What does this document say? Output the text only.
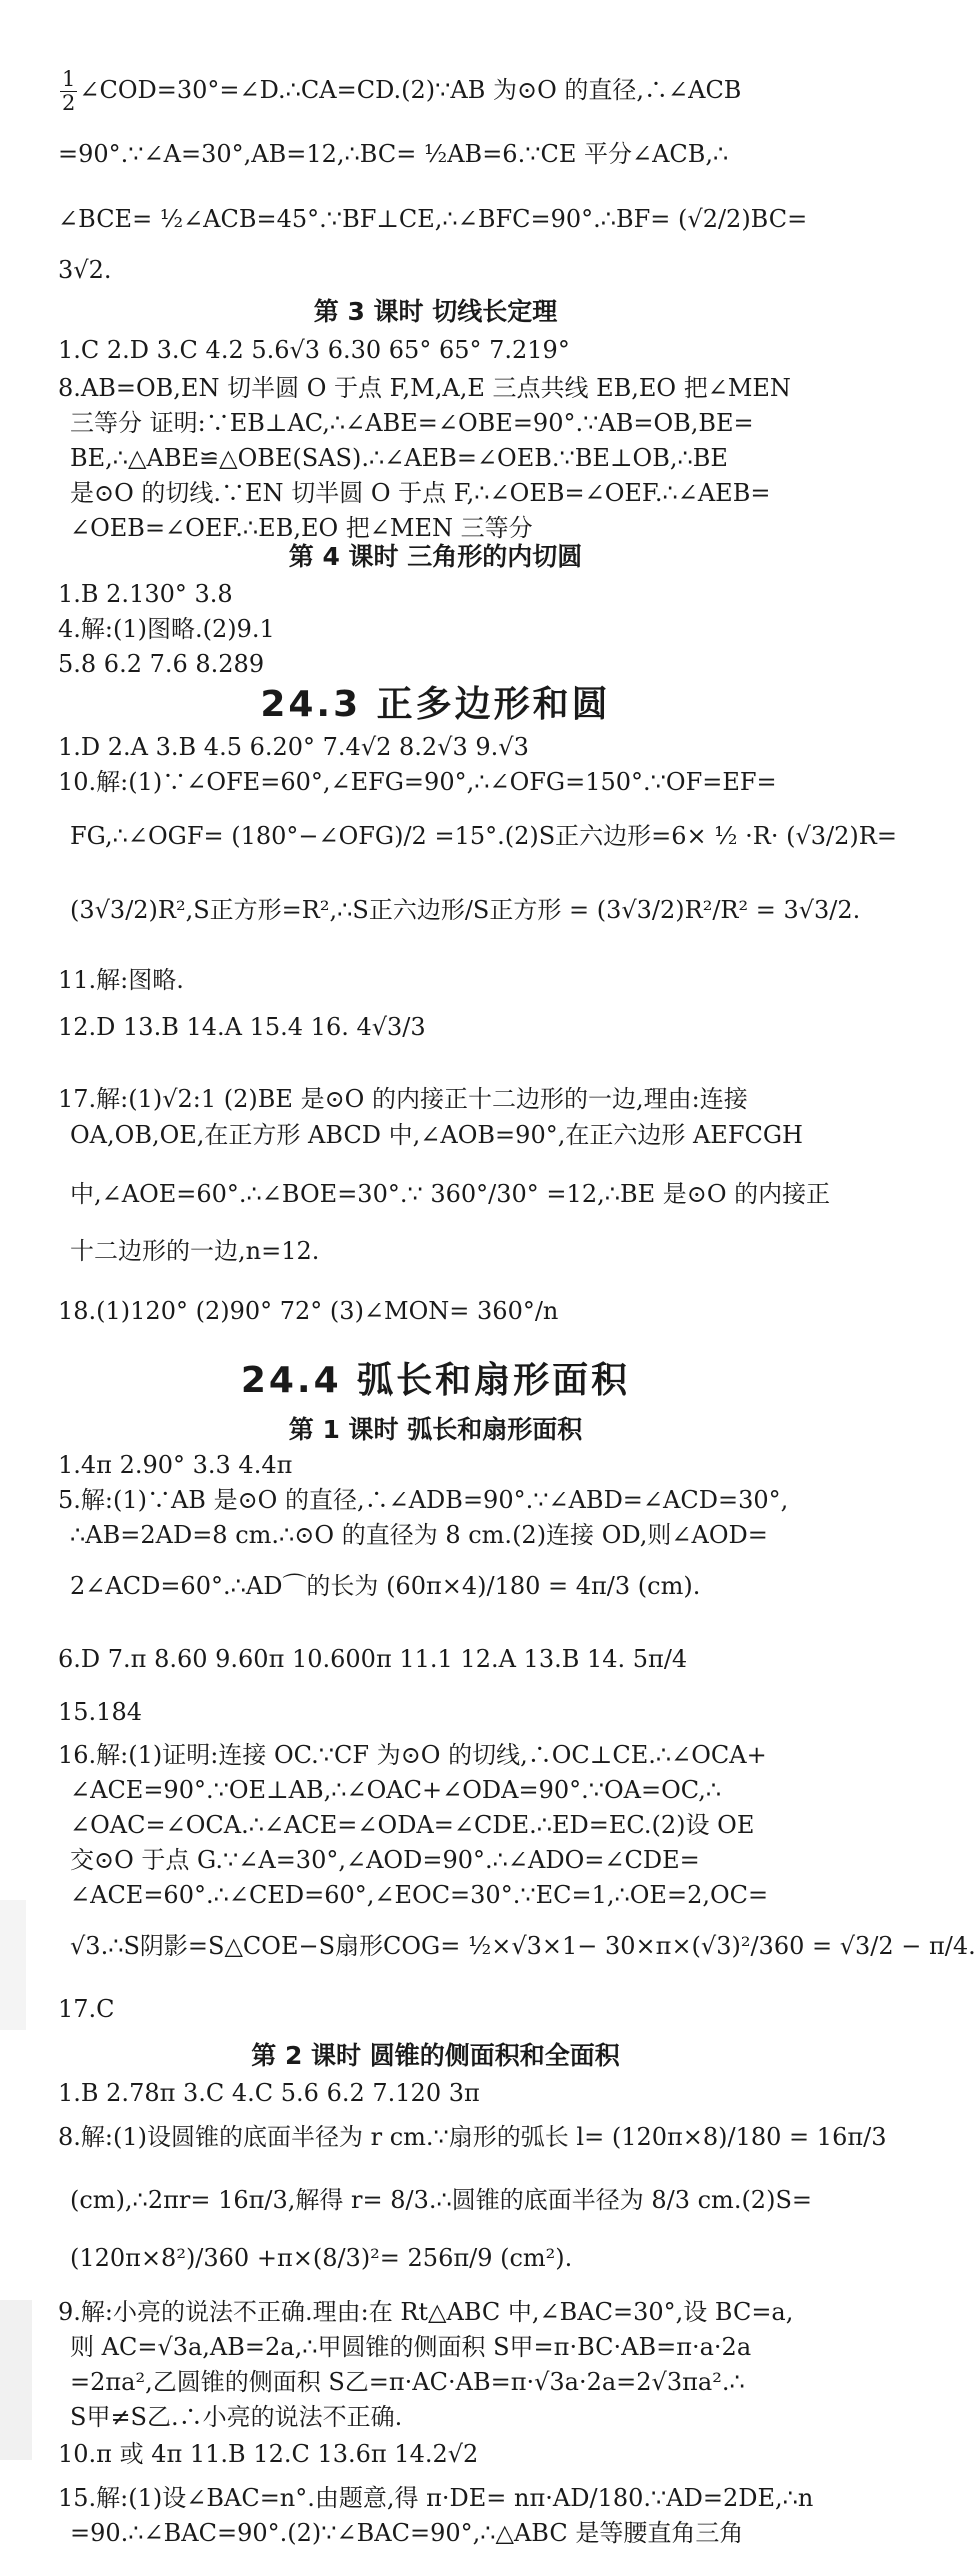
$\frac{1}{2}$ ∠COD=30°=∠D.∴CA=CD.(2)∵AB 为⊙O 的直径,∴∠ACB
=90°.∵∠A=30°,AB=12,∴BC= ½AB=6.∵CE 平分∠ACB,∴
∠BCE= ½∠ACB=45°.∵BF⊥CE,∴∠BFC=90°.∴BF= (√2/2)BC=
3√2.
第 3 课时 切线长定理
1.C 2.D 3.C 4.2 5.6√3 6.30 65° 65° 7.219°
8.AB=OB,EN 切半圆 O 于点 F,M,A,E 三点共线 EB,EO 把∠MEN
三等分 证明:∵EB⊥AC,∴∠ABE=∠OBE=90°.∵AB=OB,BE=
BE,∴△ABE≌△OBE(SAS).∴∠AEB=∠OEB.∵BE⊥OB,∴BE
是⊙O 的切线.∵EN 切半圆 O 于点 F,∴∠OEB=∠OEF.∴∠AEB=
∠OEB=∠OEF.∴EB,EO 把∠MEN 三等分
第 4 课时 三角形的内切圆
1.B 2.130° 3.8
4.解:(1)图略.(2)9.1
5.8 6.2 7.6 8.289
24.3 正多边形和圆
1.D 2.A 3.B 4.5 6.20° 7.4√2 8.2√3 9.√3
10.解:(1)∵∠OFE=60°,∠EFG=90°,∴∠OFG=150°.∵OF=EF=
FG,∴∠OGF= (180°−∠OFG)/2 =15°.(2)S正六边形=6× ½ ·R· (√3/2)R=
(3√3/2)R²,S正方形=R²,∴S正六边形/S正方形 = (3√3/2)R²/R² = 3√3/2.
11.解:图略.
12.D 13.B 14.A 15.4 16. 4√3/3
17.解:(1)√2:1 (2)BE 是⊙O 的内接正十二边形的一边,理由:连接
OA,OB,OE,在正方形 ABCD 中,∠AOB=90°,在正六边形 AEFCGH
中,∠AOE=60°.∴∠BOE=30°.∵ 360°/30° =12,∴BE 是⊙O 的内接正
十二边形的一边,n=12.
18.(1)120° (2)90° 72° (3)∠MON= 360°/n
24.4 弧长和扇形面积
第 1 课时 弧长和扇形面积
1.4π 2.90° 3.3 4.4π
5.解:(1)∵AB 是⊙O 的直径,∴∠ADB=90°.∵∠ABD=∠ACD=30°,
∴AB=2AD=8 cm.∴⊙O 的直径为 8 cm.(2)连接 OD,则∠AOD=
2∠ACD=60°.∴AD⌒的长为 (60π×4)/180 = 4π/3 (cm).
6.D 7.π 8.60 9.60π 10.600π 11.1 12.A 13.B 14. 5π/4
15.184
16.解:(1)证明:连接 OC.∵CF 为⊙O 的切线,∴OC⊥CE.∴∠OCA+
∠ACE=90°.∵OE⊥AB,∴∠OAC+∠ODA=90°.∵OA=OC,∴
∠OAC=∠OCA.∴∠ACE=∠ODA=∠CDE.∴ED=EC.(2)设 OE
交⊙O 于点 G.∵∠A=30°,∠AOD=90°.∴∠ADO=∠CDE=
∠ACE=60°.∴∠CED=60°,∠EOC=30°.∵EC=1,∴OE=2,OC=
√3.∴S阴影=S△COE−S扇形COG= ½×√3×1− 30×π×(√3)²/360 = √3/2 − π/4.
17.C
第 2 课时 圆锥的侧面积和全面积
1.B 2.78π 3.C 4.C 5.6 6.2 7.120 3π
8.解:(1)设圆锥的底面半径为 r cm.∵扇形的弧长 l= (120π×8)/180 = 16π/3
(cm),∴2πr= 16π/3,解得 r= 8/3.∴圆锥的底面半径为 8/3 cm.(2)S=
(120π×8²)/360 +π×(8/3)²= 256π/9 (cm²).
9.解:小亮的说法不正确.理由:在 Rt△ABC 中,∠BAC=30°,设 BC=a,
则 AC=√3a,AB=2a,∴甲圆锥的侧面积 S甲=π·BC·AB=π·a·2a
=2πa²,乙圆锥的侧面积 S乙=π·AC·AB=π·√3a·2a=2√3πa².∴
S甲≠S乙.∴小亮的说法不正确.
10.π 或 4π 11.B 12.C 13.6π 14.2√2
15.解:(1)设∠BAC=n°.由题意,得 π·DE= nπ·AD/180.∵AD=2DE,∴n
=90.∴∠BAC=90°.(2)∵∠BAC=90°,∴△ABC 是等腰直角三角
